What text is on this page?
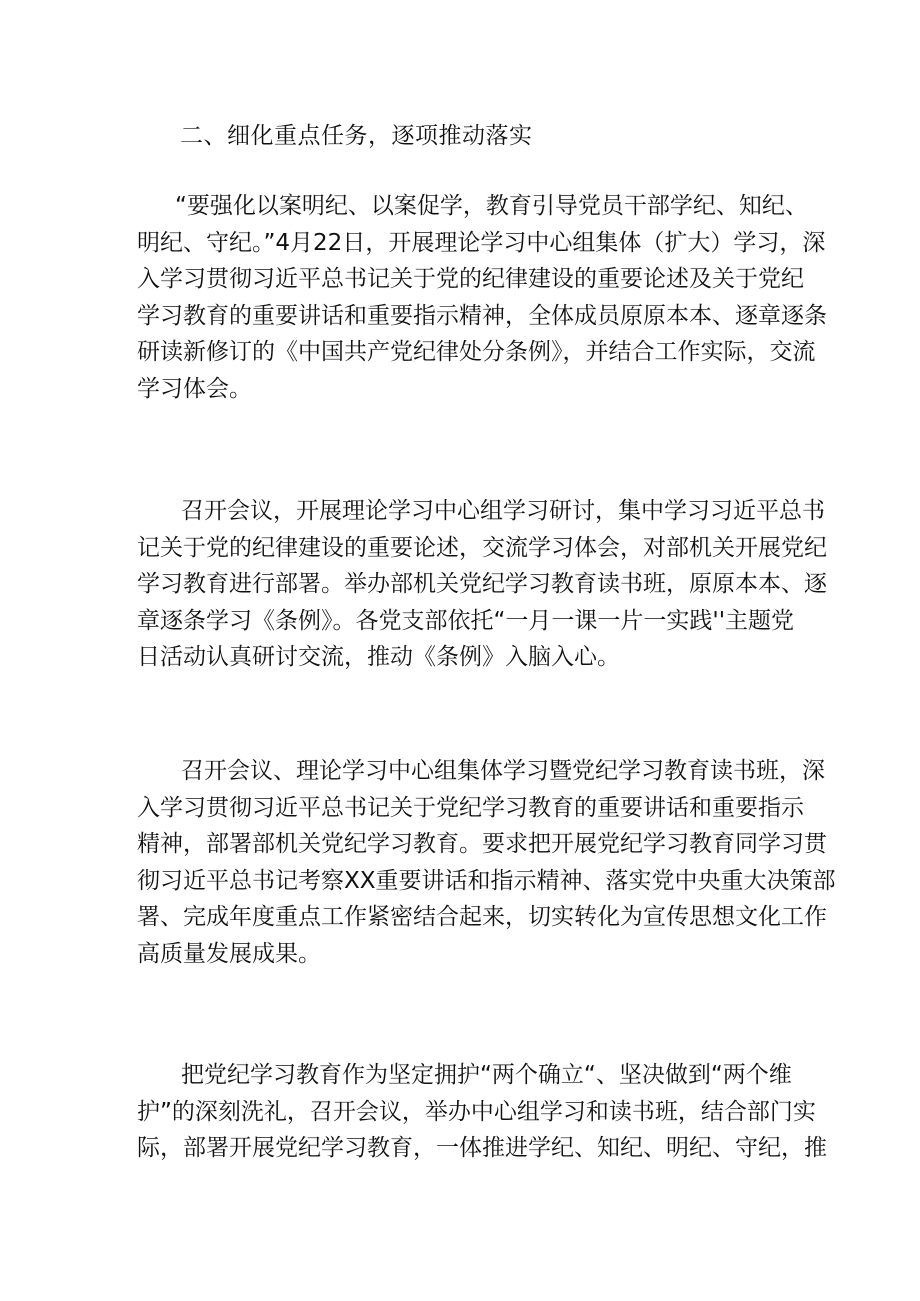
二、细化重点任务，逐项推动落实
“要强化以案明纪、以案促学，教育引导党员干部学纪、知纪、
明纪、守纪。”4月22日，开展理论学习中心组集体（扩大）学习，深
入学习贯彻习近平总书记关于党的纪律建设的重要论述及关于党纪
学习教育的重要讲话和重要指示精神，全体成员原原本本、逐章逐条
研读新修订的《中国共产党纪律处分条例》，并结合工作实际，交流
学习体会。
召开会议，开展理论学习中心组学习研讨，集中学习习近平总书
记关于党的纪律建设的重要论述，交流学习体会，对部机关开展党纪
学习教育进行部署。举办部机关党纪学习教育读书班，原原本本、逐
章逐条学习《条例》。各党支部依托“一月一课一片一实践''主题党
日活动认真研讨交流，推动《条例》入脑入心。
召开会议、理论学习中心组集体学习暨党纪学习教育读书班，深
入学习贯彻习近平总书记关于党纪学习教育的重要讲话和重要指示
精神，部署部机关党纪学习教育。要求把开展党纪学习教育同学习贯
彻习近平总书记考察XX重要讲话和指示精神、落实党中央重大决策部
署、完成年度重点工作紧密结合起来，切实转化为宣传思想文化工作
高质量发展成果。
把党纪学习教育作为坚定拥护“两个确立“、坚决做到“两个维
护”的深刻洗礼，召开会议，举办中心组学习和读书班，结合部门实
际，部署开展党纪学习教育，一体推进学纪、知纪、明纪、守纪，推
